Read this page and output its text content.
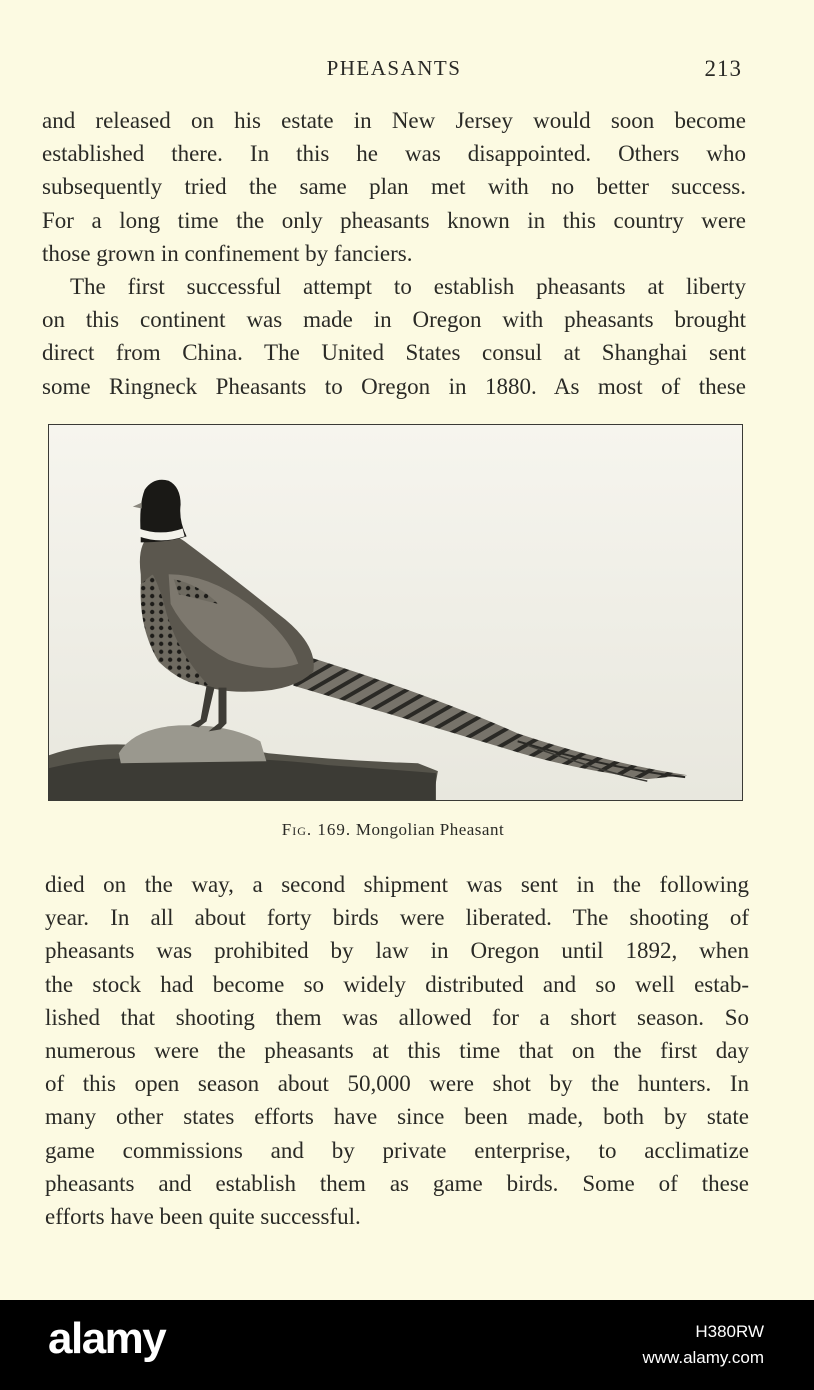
PHEASANTS	213

and released on his estate in New Jersey would soon become
established there. In this he was disappointed. Others who
subsequently tried the same plan met with no better success.
For a long time the only pheasants known in this country were
those grown in confinement by fanciers.

The first successful attempt to establish pheasants at liberty
on this continent was made in Oregon with pheasants brought
direct from China. The United States consul at Shanghai sent
some Ringneck Pheasants to Oregon in 1880. As most of these

Fig. 169. Mongolian Pheasant

died on the way, a second shipment was sent in the following
year. In all about forty birds were liberated. The shooting of
pheasants was prohibited by law in Oregon until 1892, when
the stock had become so widely distributed and so well estab-
lished that shooting them was allowed for a short season. So
numerous were the pheasants at this time that on the first day
of this open season about 50,000 were shot by the hunters. In
many other states efforts have since been made, both by state
game commissions and by private enterprise, to acclimatize
pheasants and establish them as game birds. Some of these
efforts have been quite successful.

alamy	H380RW
www.alamy.com
